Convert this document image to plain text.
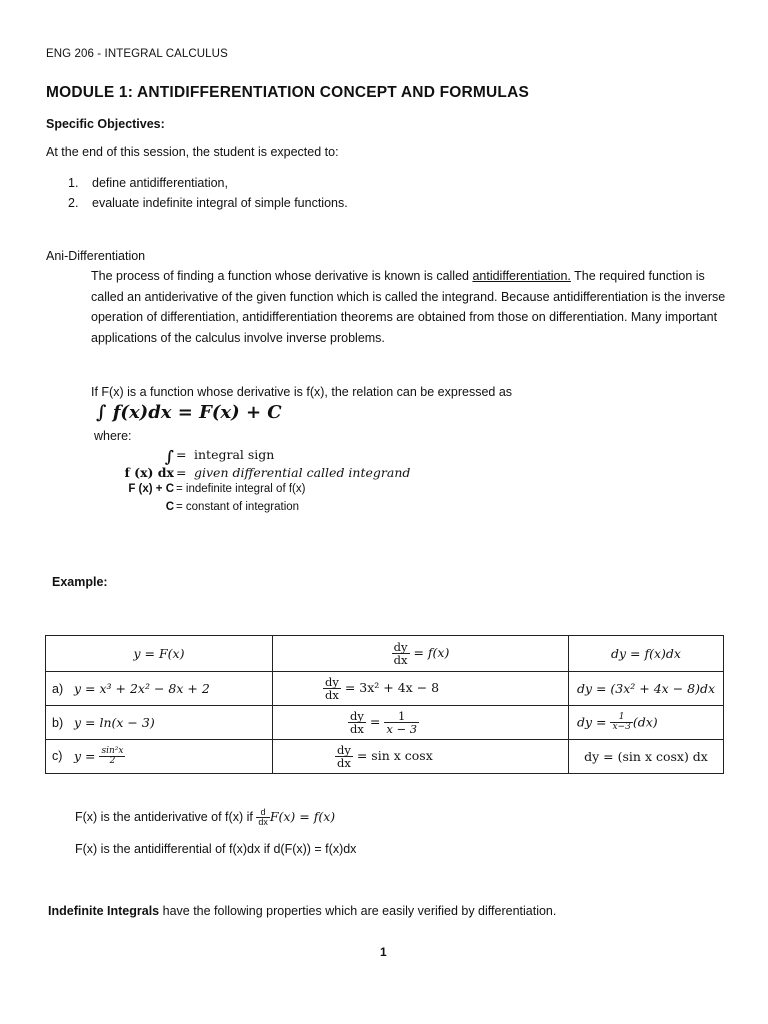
ENG 206 - INTEGRAL CALCULUS
MODULE 1: ANTIDIFFERENTIATION CONCEPT AND FORMULAS
Specific Objectives:
At the end of this session, the student is expected to:
1. define antidifferentiation,
2. evaluate indefinite integral of simple functions.
Ani-Differentiation
The process of finding a function whose derivative is known is called antidifferentiation. The required function is called an antiderivative of the given function which is called the integrand. Because antidifferentiation is the inverse operation of differentiation, antidifferentiation theorems are obtained from those on differentiation. Many important applications of the calculus involve inverse problems.
If F(x) is a function whose derivative is f(x), the relation can be expressed as
∫ f(x)dx = F(x) + C
where:
∫ = integral sign
f (x) dx = given differential called integrand
F (x) + C = indefinite integral of f(x)
C = constant of integration
Example:
y = F(x)	$\frac{dy}{dx} = f(x)$	dy = f(x)dx
a) y = x³ + 2x² − 8x + 2	$\frac{dy}{dx} = 3x^2 + 4x - 8$	dy = (3x² + 4x − 8)dx
b) y = ln(x − 3)	$\frac{dy}{dx} = \frac{1}{x - 3}$	dy = $\frac{1}{x-3} (dx)$
c) $y = \frac{\text{sin²x}}{2}$	$\frac{dy}{dx} = \sin x$ cosx	dy = (sin x cosx) dx
F(x) is the antiderivative of f(x) if $\frac{d}{dx} F(x) = f(x)$
F(x) is the antidifferential of f(x)dx if d(F(x)) = f(x)dx
Indefinite Integrals have the following properties which are easily verified by differentiation.
1
